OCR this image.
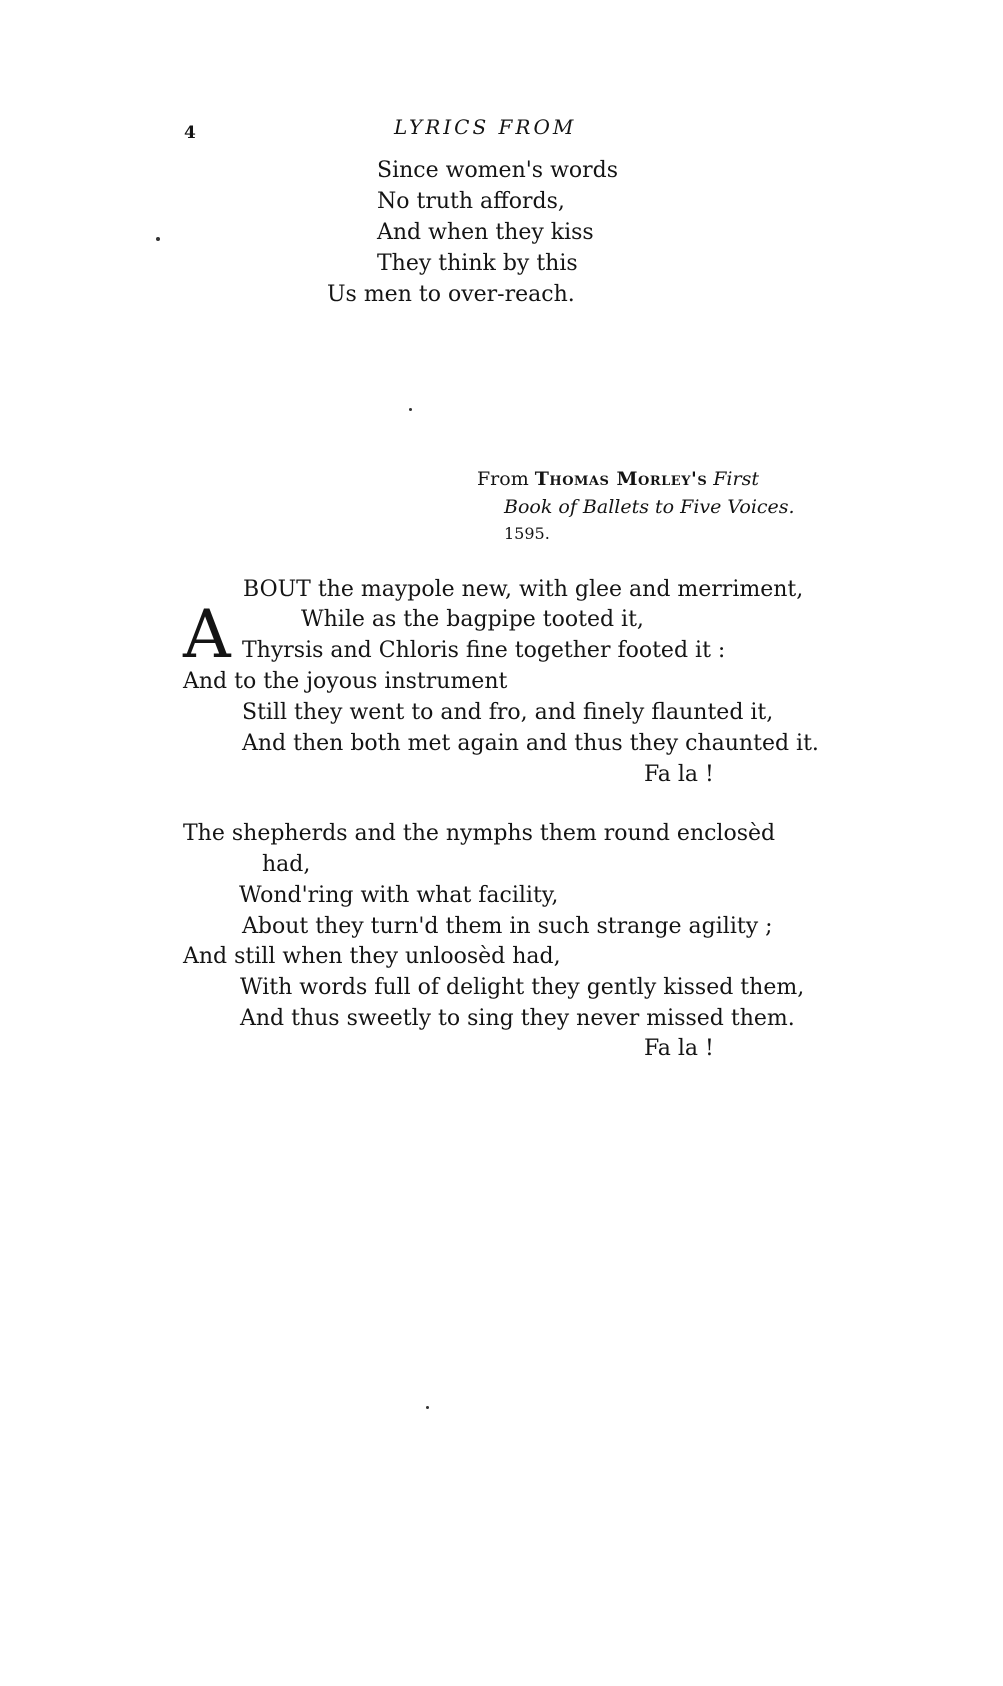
4	LYRICS FROM
Since women's words
No truth affords,
And when they kiss
They think by this
Us men to over-reach.
From Thomas Morley's First
Book of Ballets to Five Voices.
1595.
A
BOUT the maypole new, with glee and merriment,
While as the bagpipe tooted it,
Thyrsis and Chloris fine together footed it :
And to the joyous instrument
Still they went to and fro, and finely flaunted it,
And then both met again and thus they chaunted it.
Fa la !
The shepherds and the nymphs them round enclosèd
had,
Wond'ring with what facility,
About they turn'd them in such strange agility ;
And still when they unloosèd had,
With words full of delight they gently kissed them,
And thus sweetly to sing they never missed them.
Fa la !
